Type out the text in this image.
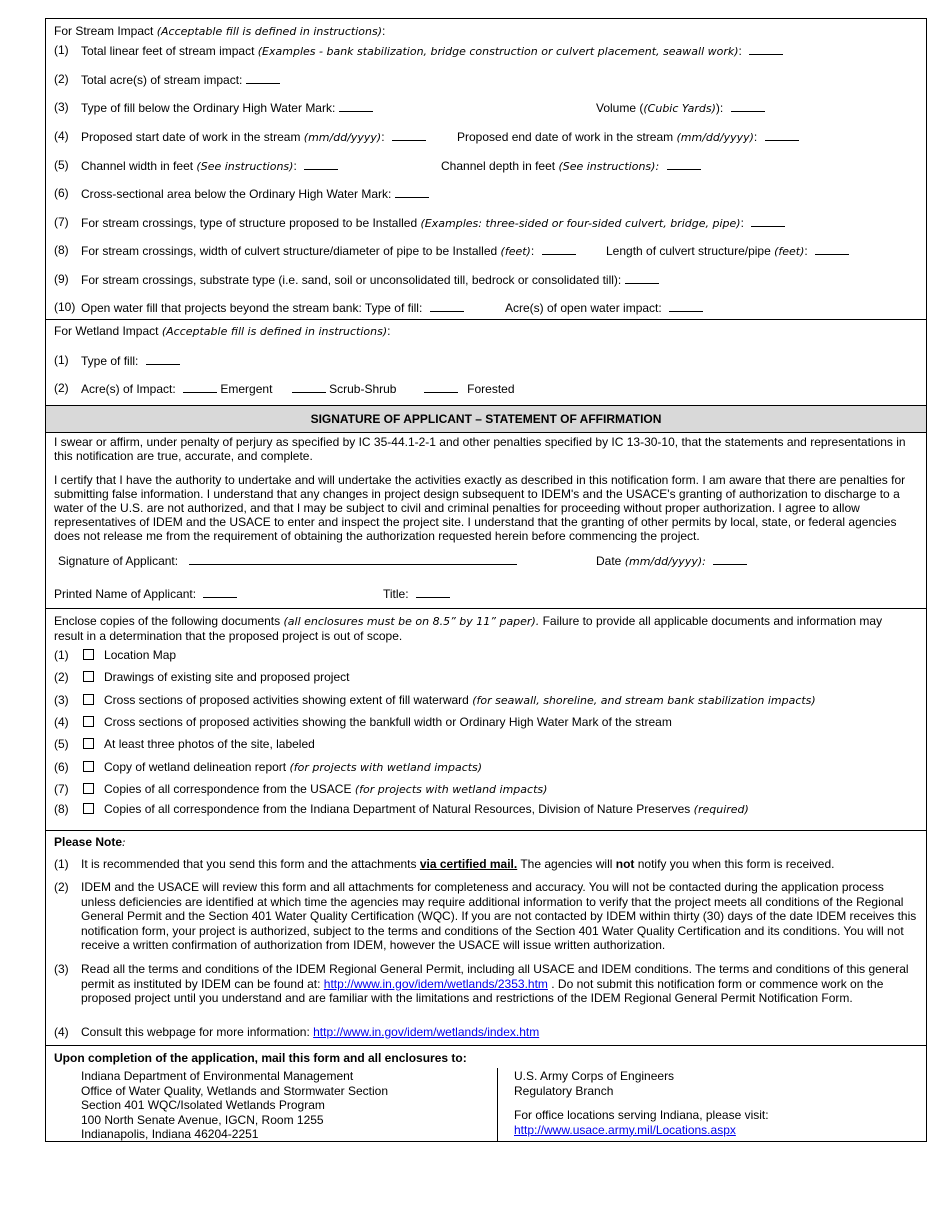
For Stream Impact (Acceptable fill is defined in instructions):
(1) Total linear feet of stream impact (Examples - bank stabilization, bridge construction or culvert placement, seawall work):
(2) Total acre(s) of stream impact:
(3) Type of fill below the Ordinary High Water Mark:	Volume ((Cubic Yards)):
(4) Proposed start date of work in the stream (mm/dd/yyyy):	Proposed end date of work in the stream (mm/dd/yyyy):
(5) Channel width in feet (See instructions):	Channel depth in feet (See instructions):
(6) Cross-sectional area below the Ordinary High Water Mark:
(7) For stream crossings, type of structure proposed to be Installed (Examples: three-sided or four-sided culvert, bridge, pipe):
(8) For stream crossings, width of culvert structure/diameter of pipe to be Installed (feet):	Length of culvert structure/pipe (feet):
(9) For stream crossings, substrate type (i.e. sand, soil or unconsolidated till, bedrock or consolidated till):
(10) Open water fill that projects beyond the stream bank: Type of fill:	Acre(s) of open water impact:
For Wetland Impact (Acceptable fill is defined in instructions):
(1) Type of fill:
(2) Acre(s) of Impact:	Emergent	Scrub-Shrub	Forested
SIGNATURE OF APPLICANT – STATEMENT OF AFFIRMATION
I swear or affirm, under penalty of perjury as specified by IC 35-44.1-2-1 and other penalties specified by IC 13-30-10, that the statements and representations in this notification are true, accurate, and complete.
I certify that I have the authority to undertake and will undertake the activities exactly as described in this notification form. I am aware that there are penalties for submitting false information. I understand that any changes in project design subsequent to IDEM's and the USACE's granting of authorization to discharge to a water of the U.S. are not authorized, and that I may be subject to civil and criminal penalties for proceeding without proper authorization. I agree to allow representatives of IDEM and the USACE to enter and inspect the project site. I understand that the granting of other permits by local, state, or federal agencies does not release me from the requirement of obtaining the authorization requested herein before commencing the project.
Signature of Applicant:	Date (mm/dd/yyyy):
Printed Name of Applicant:	Title:
Enclose copies of the following documents (all enclosures must be on 8.5” by 11” paper). Failure to provide all applicable documents and information may result in a determination that the proposed project is out of scope.
(1)	Location Map
(2)	Drawings of existing site and proposed project
(3)	Cross sections of proposed activities showing extent of fill waterward (for seawall, shoreline, and stream bank stabilization impacts)
(4)	Cross sections of proposed activities showing the bankfull width or Ordinary High Water Mark of the stream
(5)	At least three photos of the site, labeled
(6)	Copy of wetland delineation report (for projects with wetland impacts)
(7)	Copies of all correspondence from the USACE (for projects with wetland impacts)
(8)	Copies of all correspondence from the Indiana Department of Natural Resources, Division of Nature Preserves (required)
Please Note:
(1) It is recommended that you send this form and the attachments via certified mail. The agencies will not notify you when this form is received.
(2) IDEM and the USACE will review this form and all attachments for completeness and accuracy. You will not be contacted during the application process unless deficiencies are identified at which time the agencies may require additional information to verify that the project meets all conditions of the Regional General Permit and the Section 401 Water Quality Certification (WQC). If you are not contacted by IDEM within thirty (30) days of the date IDEM receives this notification form, your project is authorized, subject to the terms and conditions of the Section 401 Water Quality Certification and its conditions. You will not receive a written confirmation of authorization from IDEM, however the USACE will issue written authorization.
(3) Read all the terms and conditions of the IDEM Regional General Permit, including all USACE and IDEM conditions. The terms and conditions of this general permit as instituted by IDEM can be found at: http://www.in.gov/idem/wetlands/2353.htm . Do not submit this notification form or commence work on the proposed project until you understand and are familiar with the limitations and restrictions of the IDEM Regional General Permit Notification Form.
(4) Consult this webpage for more information: http://www.in.gov/idem/wetlands/index.htm
Upon completion of the application, mail this form and all enclosures to:
Indiana Department of Environmental Management
Office of Water Quality, Wetlands and Stormwater Section
Section 401 WQC/Isolated Wetlands Program
100 North Senate Avenue, IGCN, Room 1255
Indianapolis, Indiana 46204-2251
U.S. Army Corps of Engineers
Regulatory Branch
For office locations serving Indiana, please visit:
http://www.usace.army.mil/Locations.aspx
